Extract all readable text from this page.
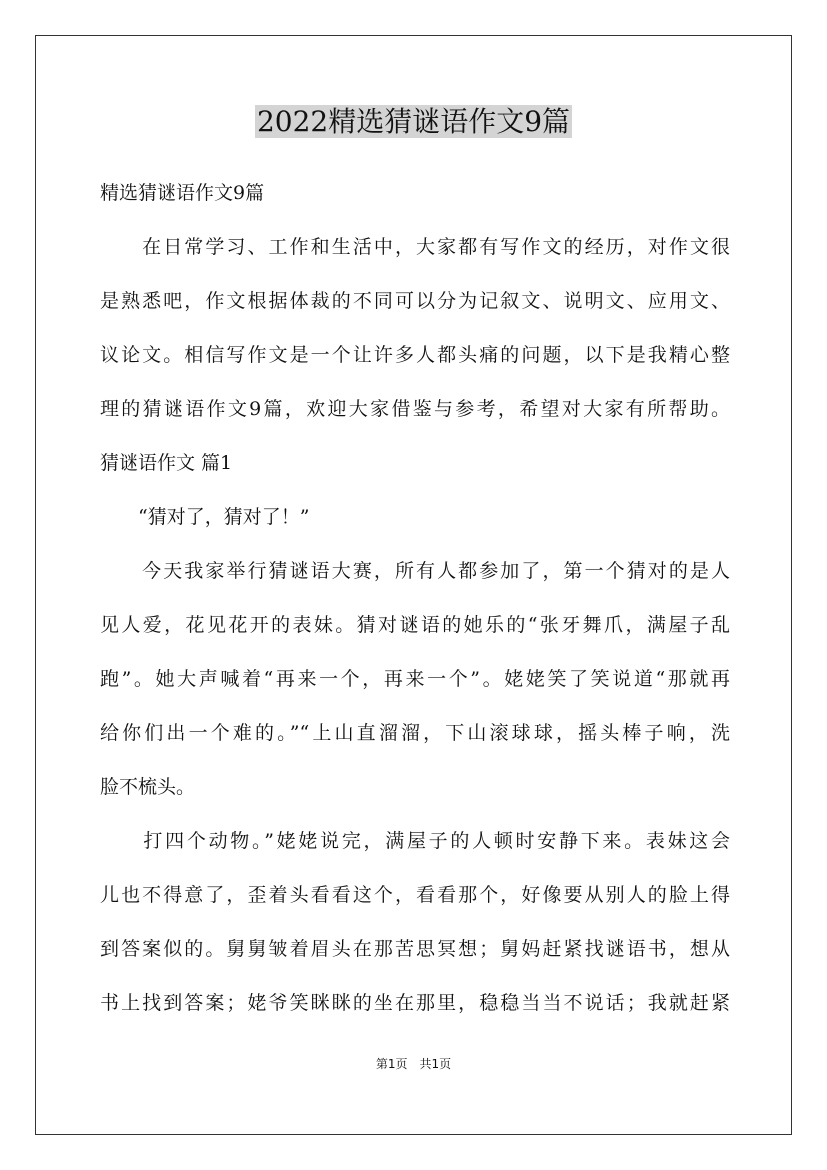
2022精选猜谜语作文9篇
精选猜谜语作文9篇
　　在日常学习、工作和生活中，大家都有写作文的经历，对作文很
是熟悉吧，作文根据体裁的不同可以分为记叙文、说明文、应用文、
议论文。相信写作文是一个让许多人都头痛的问题，以下是我精心整
理的猜谜语作文9篇，欢迎大家借鉴与参考，希望对大家有所帮助。
猜谜语作文 篇1
　　“猜对了，猜对了！”
　　今天我家举行猜谜语大赛，所有人都参加了，第一个猜对的是人
见人爱，花见花开的表妹。猜对谜语的她乐的“张牙舞爪，满屋子乱
跑”。她大声喊着“再来一个，再来一个”。姥姥笑了笑说道“那就再
给你们出一个难的。”“上山直溜溜，下山滚球球，摇头棒子响，洗
脸不梳头。
　　打四个动物。”姥姥说完，满屋子的人顿时安静下来。表妹这会
儿也不得意了，歪着头看看这个，看看那个，好像要从别人的脸上得
到答案似的。舅舅皱着眉头在那苦思冥想；舅妈赶紧找谜语书，想从
书上找到答案；姥爷笑眯眯的坐在那里，稳稳当当不说话；我就赶紧
第1页　共1页
